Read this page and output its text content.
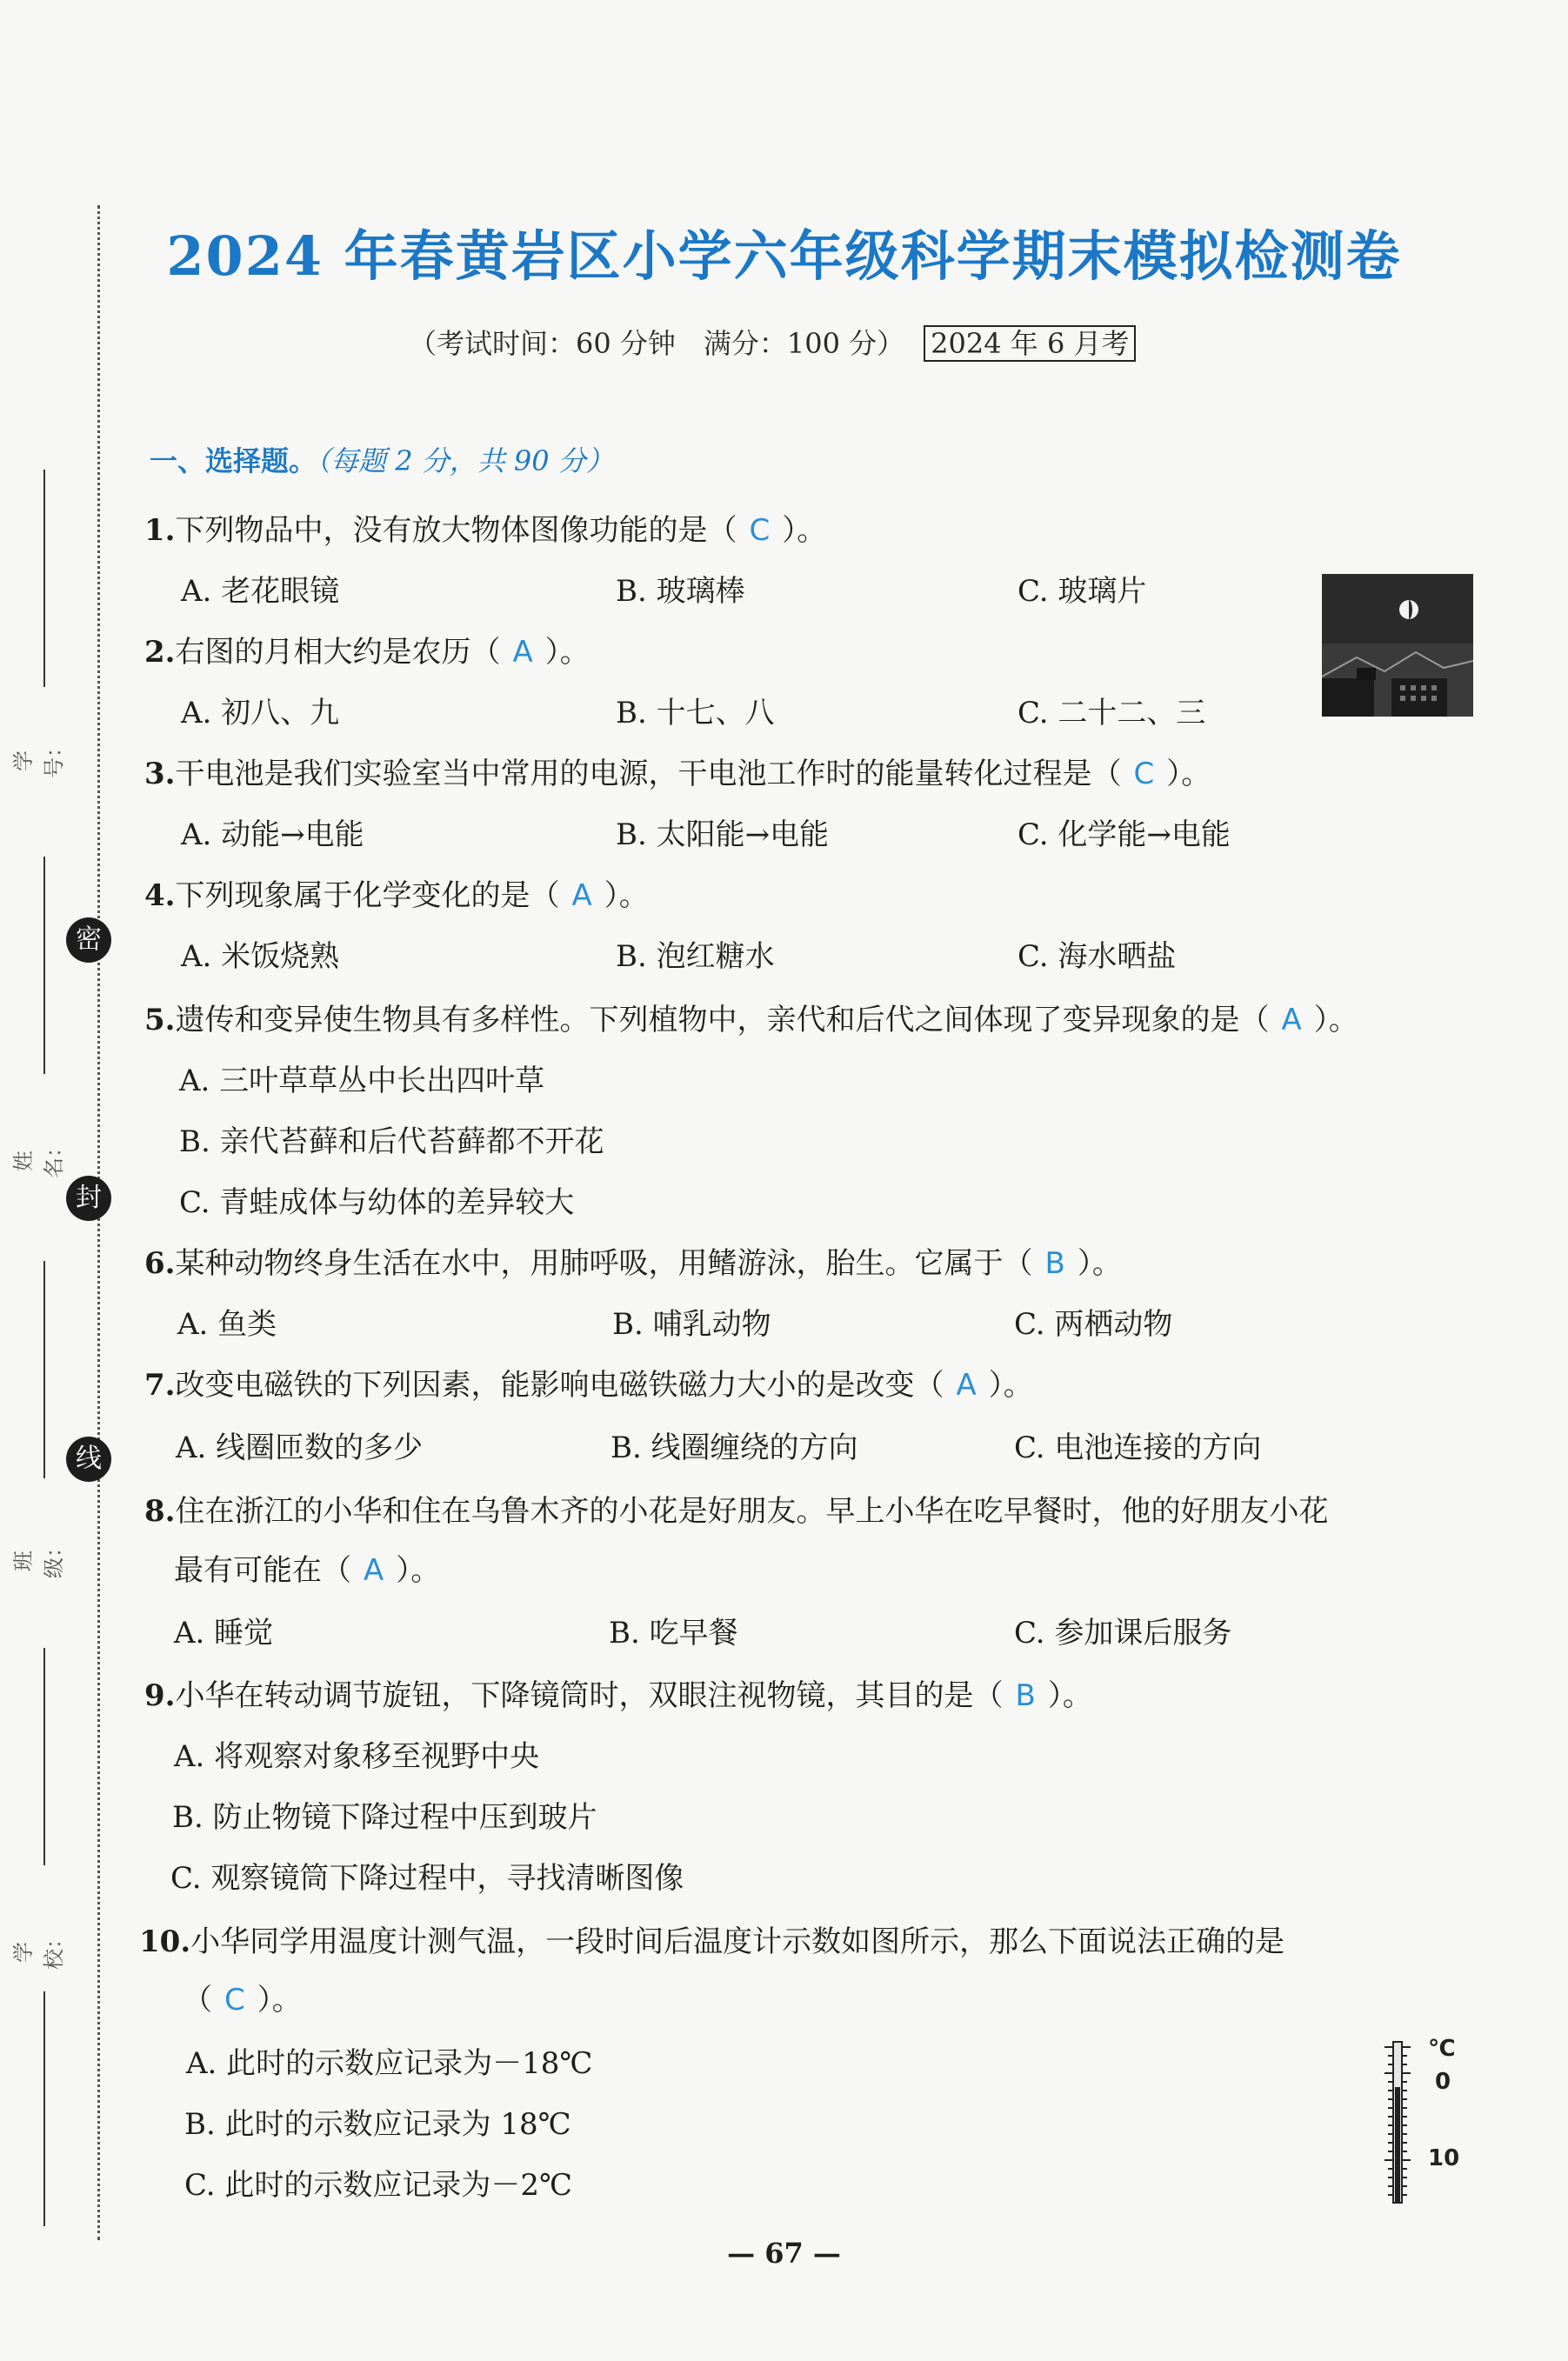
学号：
姓名：
班级：
学校：
密
封
线
2024 年春黄岩区小学六年级科学期末模拟检测卷
（考试时间：60 分钟　满分：100 分） 2024 年 6 月考
一、选择题。（每题 2 分，共 90 分）
1.下列物品中，没有放大物体图像功能的是（ C ）。
A. 老花眼镜	B. 玻璃棒	C. 玻璃片
2.右图的月相大约是农历（ A ）。
A. 初八、九	B. 十七、八	C. 二十二、三
3.干电池是我们实验室当中常用的电源，干电池工作时的能量转化过程是（ C ）。
A. 动能→电能	B. 太阳能→电能	C. 化学能→电能
4.下列现象属于化学变化的是（ A ）。
A. 米饭烧熟	B. 泡红糖水	C. 海水晒盐
5.遗传和变异使生物具有多样性。下列植物中，亲代和后代之间体现了变异现象的是（ A ）。
A. 三叶草草丛中长出四叶草
B. 亲代苔藓和后代苔藓都不开花
C. 青蛙成体与幼体的差异较大
6.某种动物终身生活在水中，用肺呼吸，用鳍游泳，胎生。它属于（ B ）。
A. 鱼类	B. 哺乳动物	C. 两栖动物
7.改变电磁铁的下列因素，能影响电磁铁磁力大小的是改变（ A ）。
A. 线圈匝数的多少	B. 线圈缠绕的方向	C. 电池连接的方向
8.住在浙江的小华和住在乌鲁木齐的小花是好朋友。早上小华在吃早餐时，他的好朋友小花
最有可能在（ A ）。
A. 睡觉	B. 吃早餐	C. 参加课后服务
9.小华在转动调节旋钮，下降镜筒时，双眼注视物镜，其目的是（ B ）。
A. 将观察对象移至视野中央
B. 防止物镜下降过程中压到玻片
C. 观察镜筒下降过程中，寻找清晰图像
10.小华同学用温度计测气温，一段时间后温度计示数如图所示，那么下面说法正确的是
（ C ）。
A. 此时的示数应记录为－18℃
B. 此时的示数应记录为 18℃
C. 此时的示数应记录为－2℃
℃
0
10
— 67 —
